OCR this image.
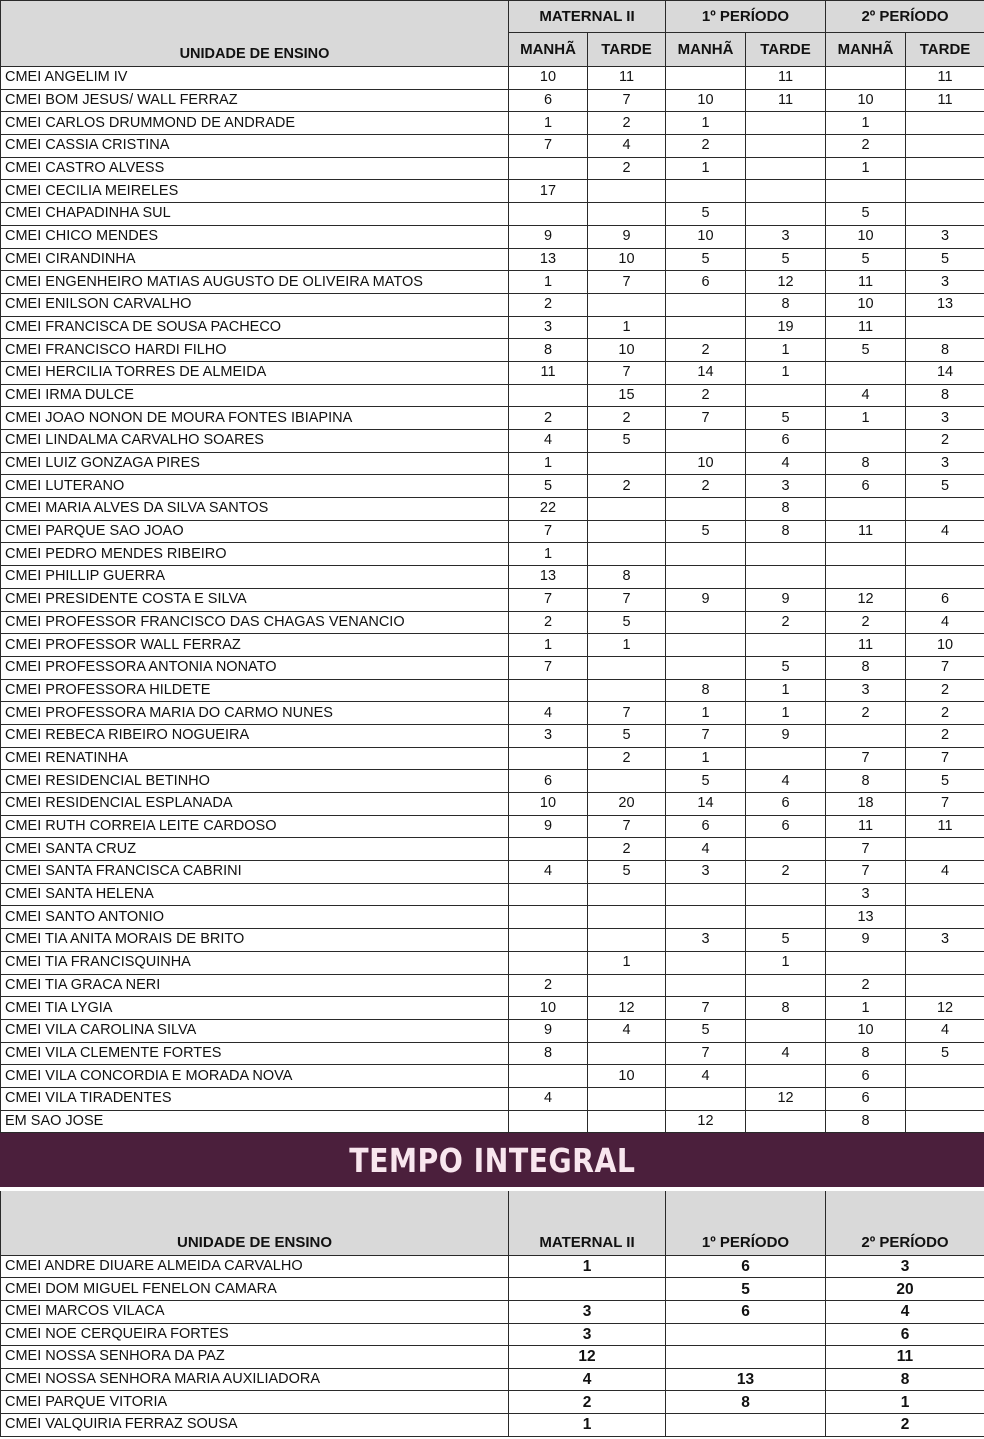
UNIDADE DE ENSINO	MATERNAL II		1º PERÍODO		2º PERÍODO	
	MANHÃ	TARDE	MANHÃ	TARDE	MANHÃ	TARDE
CMEI ANGELIM IV	10	11		11		11
CMEI BOM JESUS/ WALL FERRAZ	6	7	10	11	10	11
CMEI CARLOS DRUMMOND DE ANDRADE	1	2	1		1	
CMEI CASSIA CRISTINA	7	4	2		2	
CMEI CASTRO ALVESS		2	1		1	
CMEI CECILIA MEIRELES	17					
CMEI CHAPADINHA SUL			5		5	
CMEI CHICO MENDES	9	9	10	3	10	3
CMEI CIRANDINHA	13	10	5	5	5	5
CMEI ENGENHEIRO MATIAS AUGUSTO DE OLIVEIRA MATOS	1	7	6	12	11	3
CMEI ENILSON CARVALHO	2			8	10	13
CMEI FRANCISCA DE SOUSA PACHECO	3	1		19	11	
CMEI FRANCISCO HARDI FILHO	8	10	2	1	5	8
CMEI HERCILIA TORRES DE ALMEIDA	11	7	14	1		14
CMEI IRMA DULCE		15	2		4	8
CMEI JOAO NONON DE MOURA FONTES IBIAPINA	2	2	7	5	1	3
CMEI LINDALMA CARVALHO SOARES	4	5		6		2
CMEI LUIZ GONZAGA PIRES	1		10	4	8	3
CMEI LUTERANO	5	2	2	3	6	5
CMEI MARIA ALVES DA SILVA SANTOS	22			8		
CMEI PARQUE SAO JOAO	7		5	8	11	4
CMEI PEDRO MENDES RIBEIRO	1					
CMEI PHILLIP GUERRA	13	8				
CMEI PRESIDENTE COSTA E SILVA	7	7	9	9	12	6
CMEI PROFESSOR FRANCISCO DAS CHAGAS VENANCIO	2	5		2	2	4
CMEI PROFESSOR WALL FERRAZ	1	1			11	10
CMEI PROFESSORA ANTONIA NONATO	7			5	8	7
CMEI PROFESSORA HILDETE			8	1	3	2
CMEI PROFESSORA MARIA DO CARMO NUNES	4	7	1	1	2	2
CMEI REBECA RIBEIRO NOGUEIRA	3	5	7	9		2
CMEI RENATINHA		2	1		7	7
CMEI RESIDENCIAL BETINHO	6		5	4	8	5
CMEI RESIDENCIAL ESPLANADA	10	20	14	6	18	7
CMEI RUTH CORREIA LEITE CARDOSO	9	7	6	6	11	11
CMEI SANTA CRUZ		2	4		7	
CMEI SANTA FRANCISCA CABRINI	4	5	3	2	7	4
CMEI SANTA HELENA					3	
CMEI SANTO ANTONIO					13	
CMEI TIA ANITA MORAIS DE BRITO			3	5	9	3
CMEI TIA FRANCISQUINHA		1		1		
CMEI TIA GRACA NERI	2				2	
CMEI TIA LYGIA	10	12	7	8	1	12
CMEI VILA CAROLINA SILVA	9	4	5		10	4
CMEI VILA CLEMENTE FORTES	8		7	4	8	5
CMEI VILA CONCORDIA E MORADA NOVA		10	4		6	
CMEI VILA TIRADENTES	4			12	6	
EM SAO JOSE			12		8	
TEMPO INTEGRAL
UNIDADE DE ENSINO	MATERNAL II	1º PERÍODO	2º PERÍODO
CMEI ANDRE DIUARE ALMEIDA CARVALHO	1	6	3
CMEI DOM MIGUEL FENELON CAMARA		5	20
CMEI MARCOS VILACA	3	6	4
CMEI NOE CERQUEIRA FORTES	3		6
CMEI NOSSA SENHORA DA PAZ	12		11
CMEI NOSSA SENHORA MARIA AUXILIADORA	4	13	8
CMEI PARQUE VITORIA	2	8	1
CMEI VALQUIRIA FERRAZ SOUSA	1		2
